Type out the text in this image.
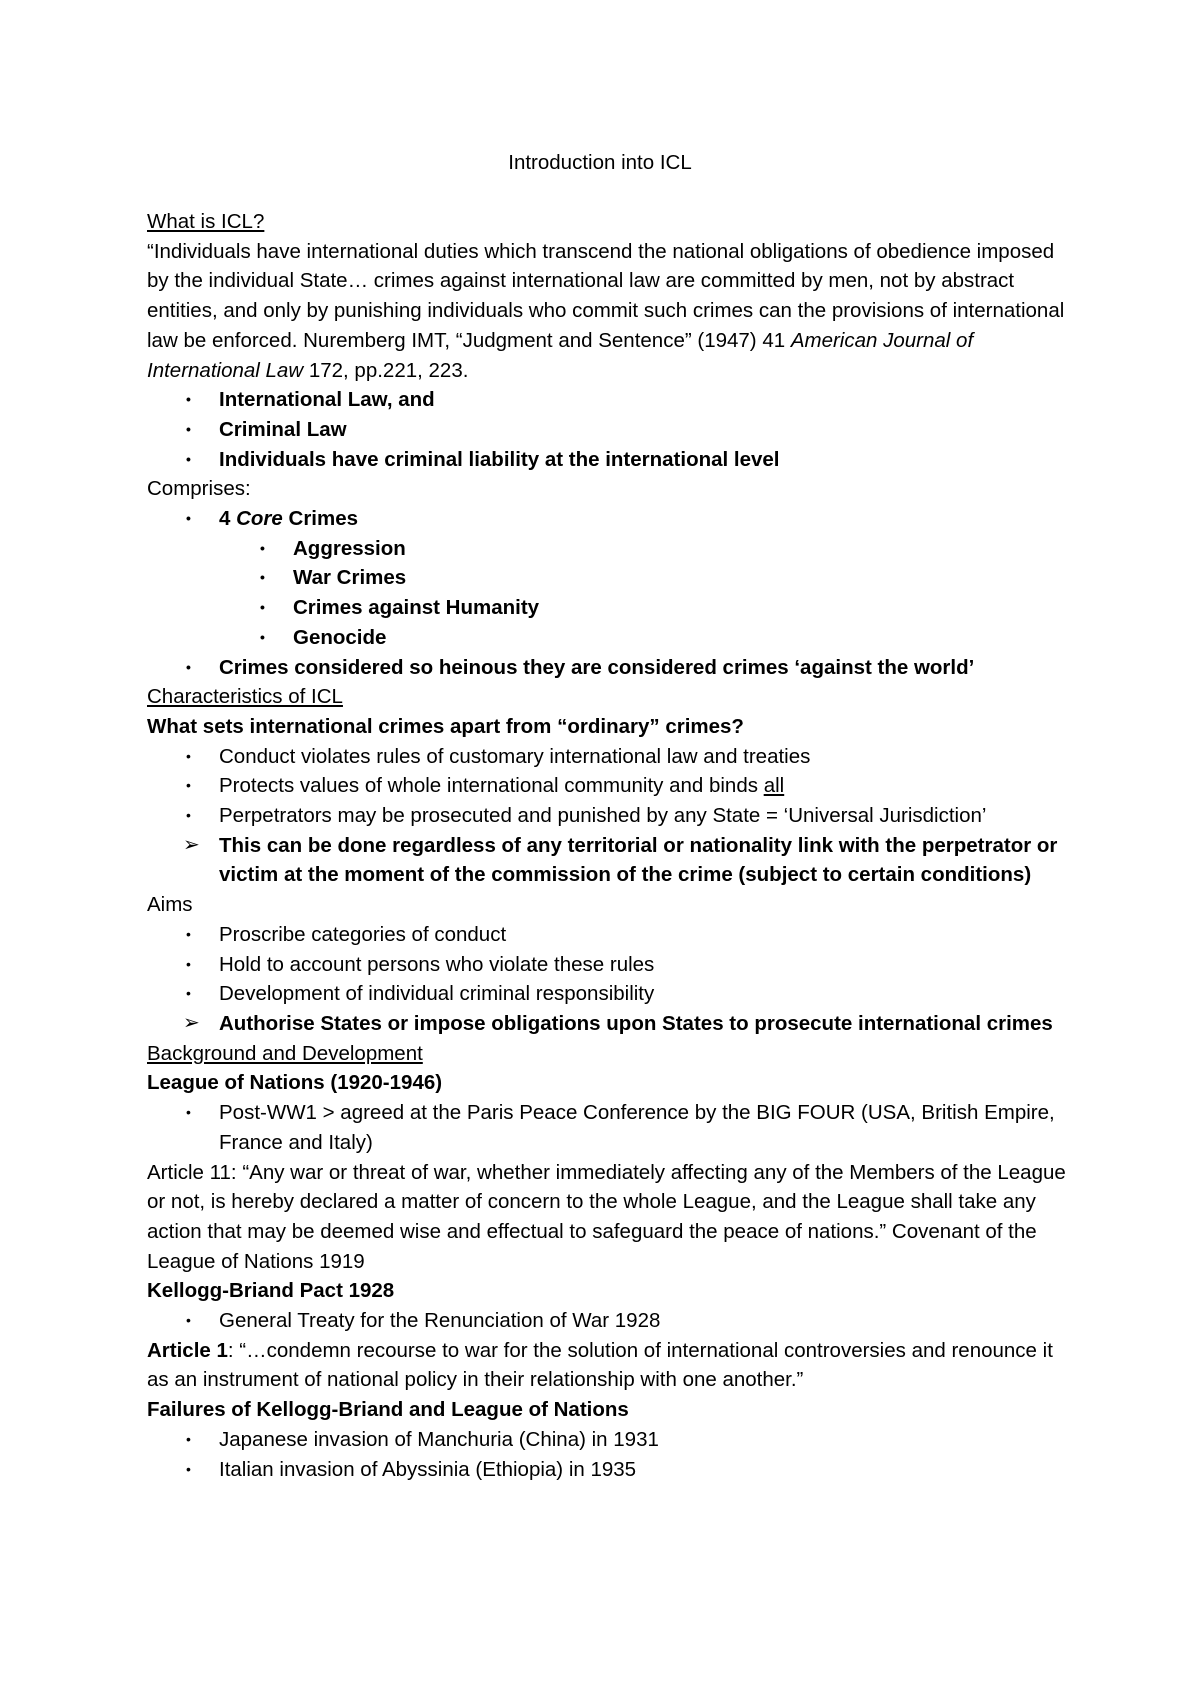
Introduction into ICL

What is ICL?

“Individuals have international duties which transcend the national obligations of obedience imposed by the individual State… crimes against international law are committed by men, not by abstract entities, and only by punishing individuals who commit such crimes can the provisions of international law be enforced. Nuremberg IMT, “Judgment and Sentence” (1947) 41 American Journal of International Law 172, pp.221, 223.

• International Law, and
• Criminal Law
• Individuals have criminal liability at the international level

Comprises:

• 4 Core Crimes
• Aggression
• War Crimes
• Crimes against Humanity
• Genocide
• Crimes considered so heinous they are considered crimes ‘against the world’

Characteristics of ICL

What sets international crimes apart from “ordinary” crimes?

• Conduct violates rules of customary international law and treaties
• Protects values of whole international community and binds all
• Perpetrators may be prosecuted and punished by any State = ‘Universal Jurisdiction’
➢ This can be done regardless of any territorial or nationality link with the perpetrator or victim at the moment of the commission of the crime (subject to certain conditions)

Aims

• Proscribe categories of conduct
• Hold to account persons who violate these rules
• Development of individual criminal responsibility
➢ Authorise States or impose obligations upon States to prosecute international crimes

Background and Development

League of Nations (1920-1946)

• Post-WW1 > agreed at the Paris Peace Conference by the BIG FOUR (USA, British Empire, France and Italy)

Article 11: “Any war or threat of war, whether immediately affecting any of the Members of the League or not, is hereby declared a matter of concern to the whole League, and the League shall take any action that may be deemed wise and effectual to safeguard the peace of nations.” Covenant of the League of Nations 1919

Kellogg-Briand Pact 1928

• General Treaty for the Renunciation of War 1928

Article 1: “…condemn recourse to war for the solution of international controversies and renounce it as an instrument of national policy in their relationship with one another.”

Failures of Kellogg-Briand and League of Nations

• Japanese invasion of Manchuria (China) in 1931
• Italian invasion of Abyssinia (Ethiopia) in 1935
